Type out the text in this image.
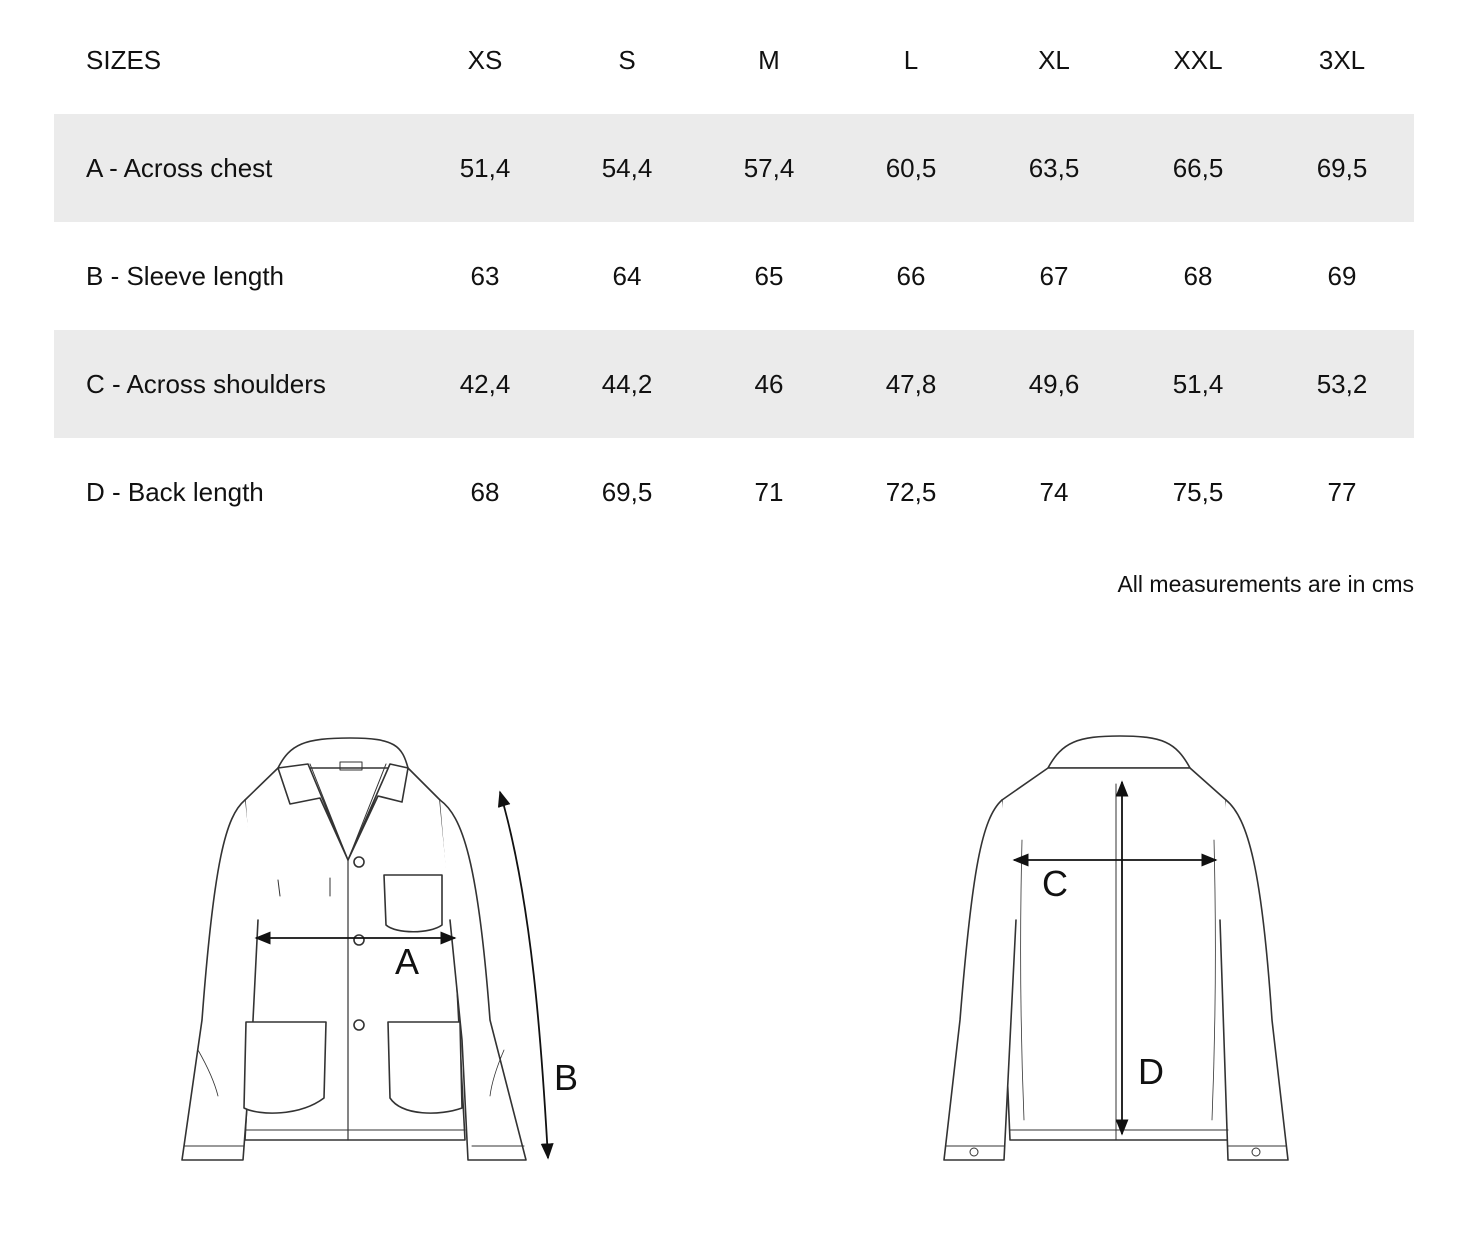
SIZES	XS	S	M	L	XL	XXL	3XL
A - Across chest	51,4	54,4	57,4	60,5	63,5	66,5	69,5
B - Sleeve length	63	64	65	66	67	68	69
C - Across shoulders	42,4	44,2	46	47,8	49,6	51,4	53,2
D - Back length	68	69,5	71	72,5	74	75,5	77
All measurements are in cms
A
B
C
D
